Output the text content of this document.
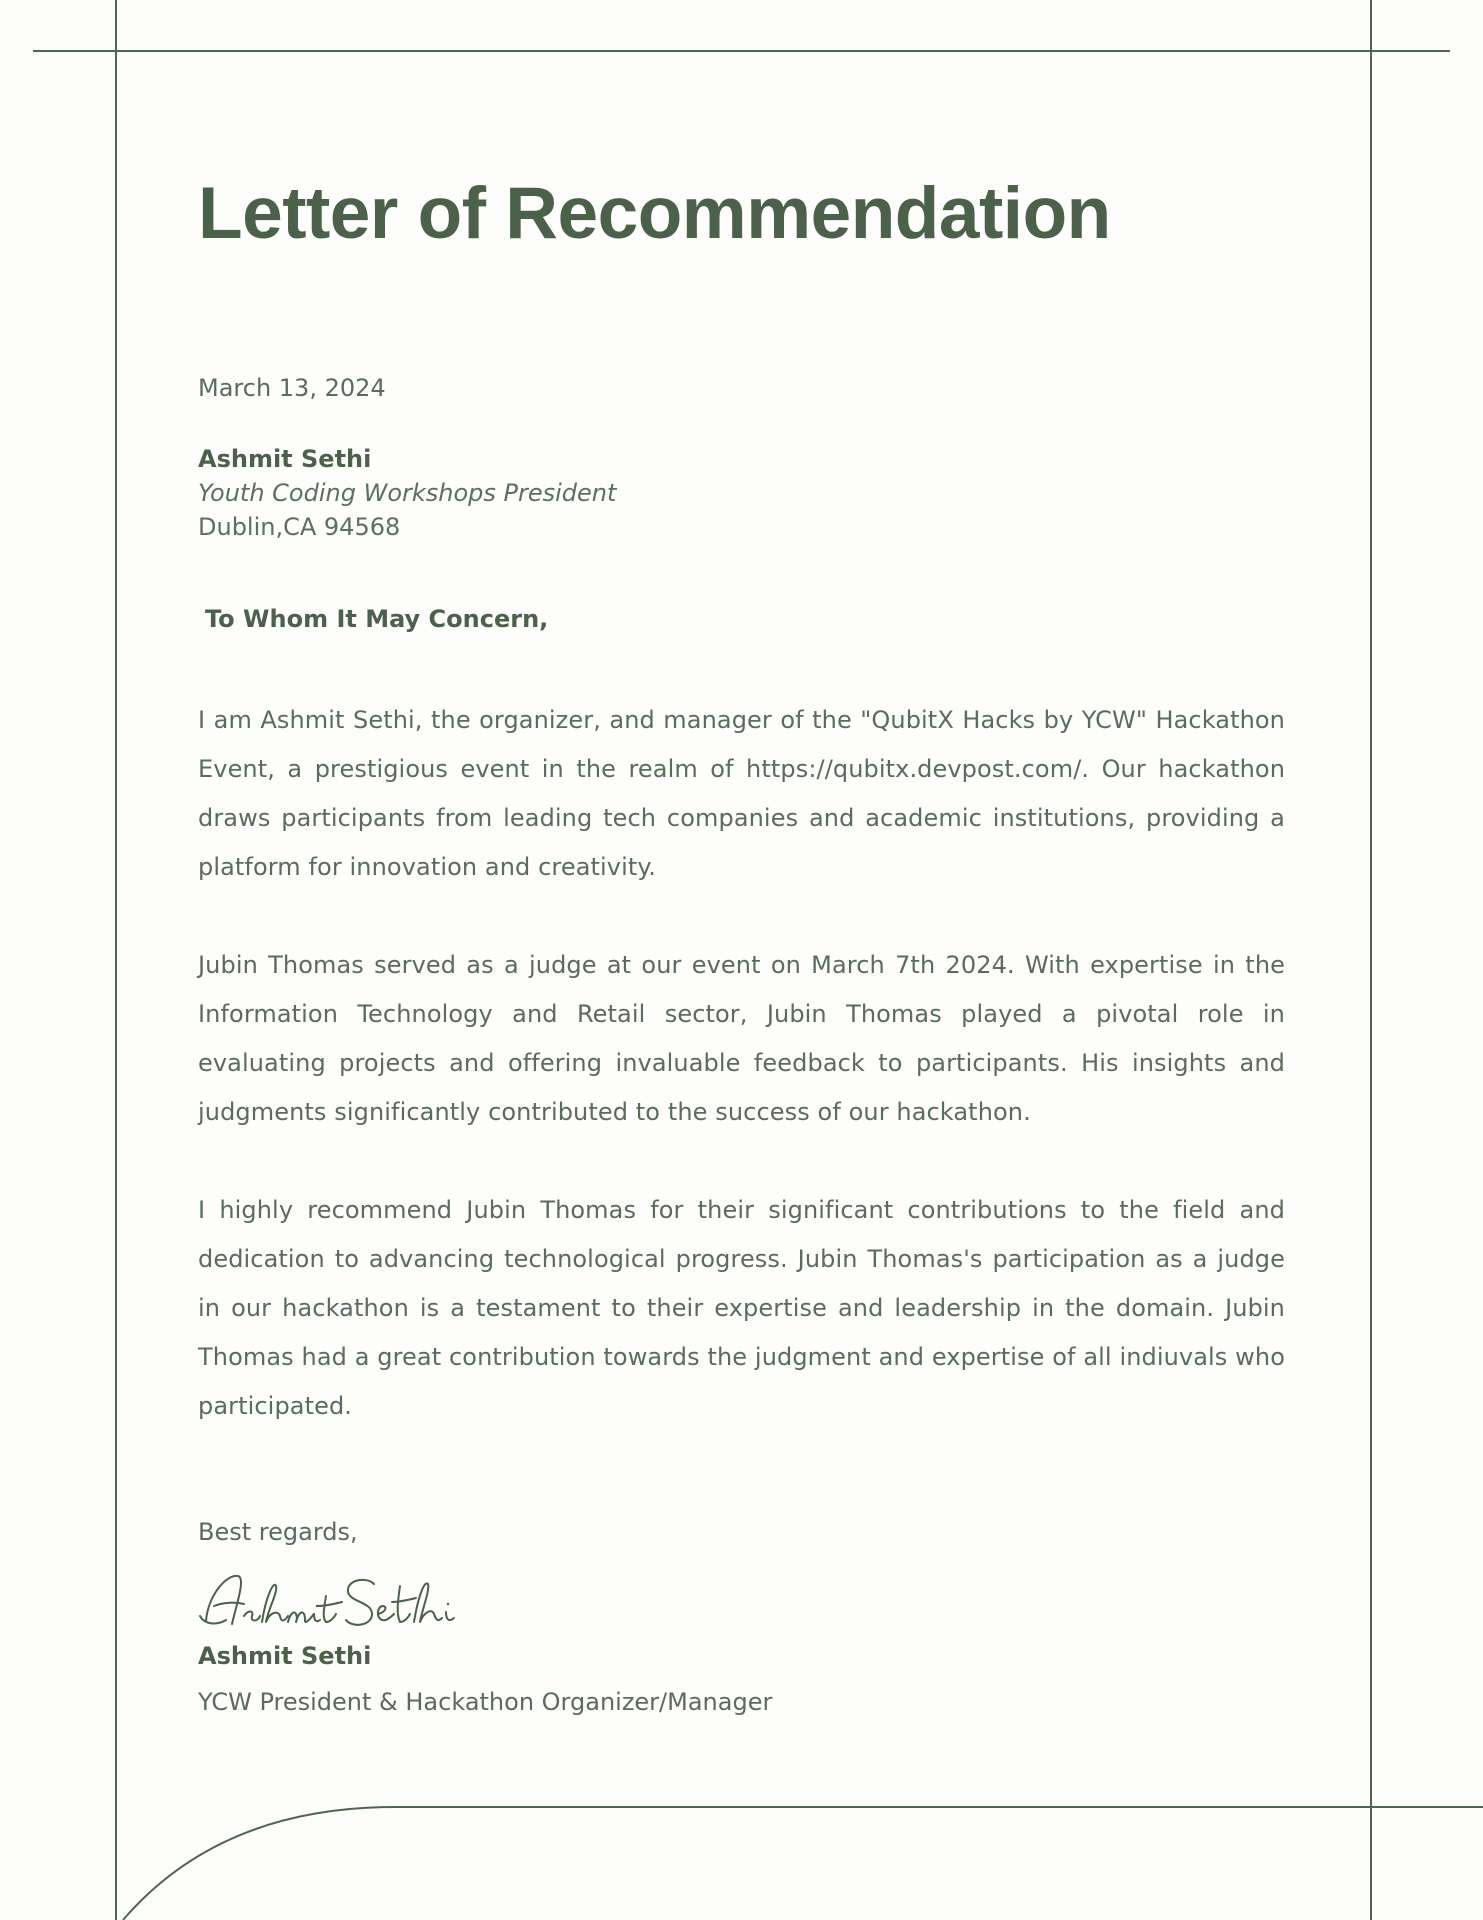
Letter of Recommendation
March 13, 2024
Ashmit Sethi
Youth Coding Workshops President
Dublin,CA 94568
To Whom It May Concern,

I am Ashmit Sethi, the organizer, and manager of the "QubitX Hacks by YCW" Hackathon Event, a prestigious event in the realm of https://qubitx.devpost.com/. Our hackathon draws participants from leading tech companies and academic institutions, providing a platform for innovation and creativity.

Jubin Thomas served as a judge at our event on March 7th 2024. With expertise in the Information Technology and Retail sector, Jubin Thomas played a pivotal role in evaluating projects and offering invaluable feedback to participants. His insights and judgments significantly contributed to the success of our hackathon.

I highly recommend Jubin Thomas for their significant contributions to the field and dedication to advancing technological progress. Jubin Thomas's participation as a judge in our hackathon is a testament to their expertise and leadership in the domain. Jubin Thomas had a great contribution towards the judgment and expertise of all indiuvals who participated.

Best regards,
Ashmit Sethi
YCW President & Hackathon Organizer/Manager
